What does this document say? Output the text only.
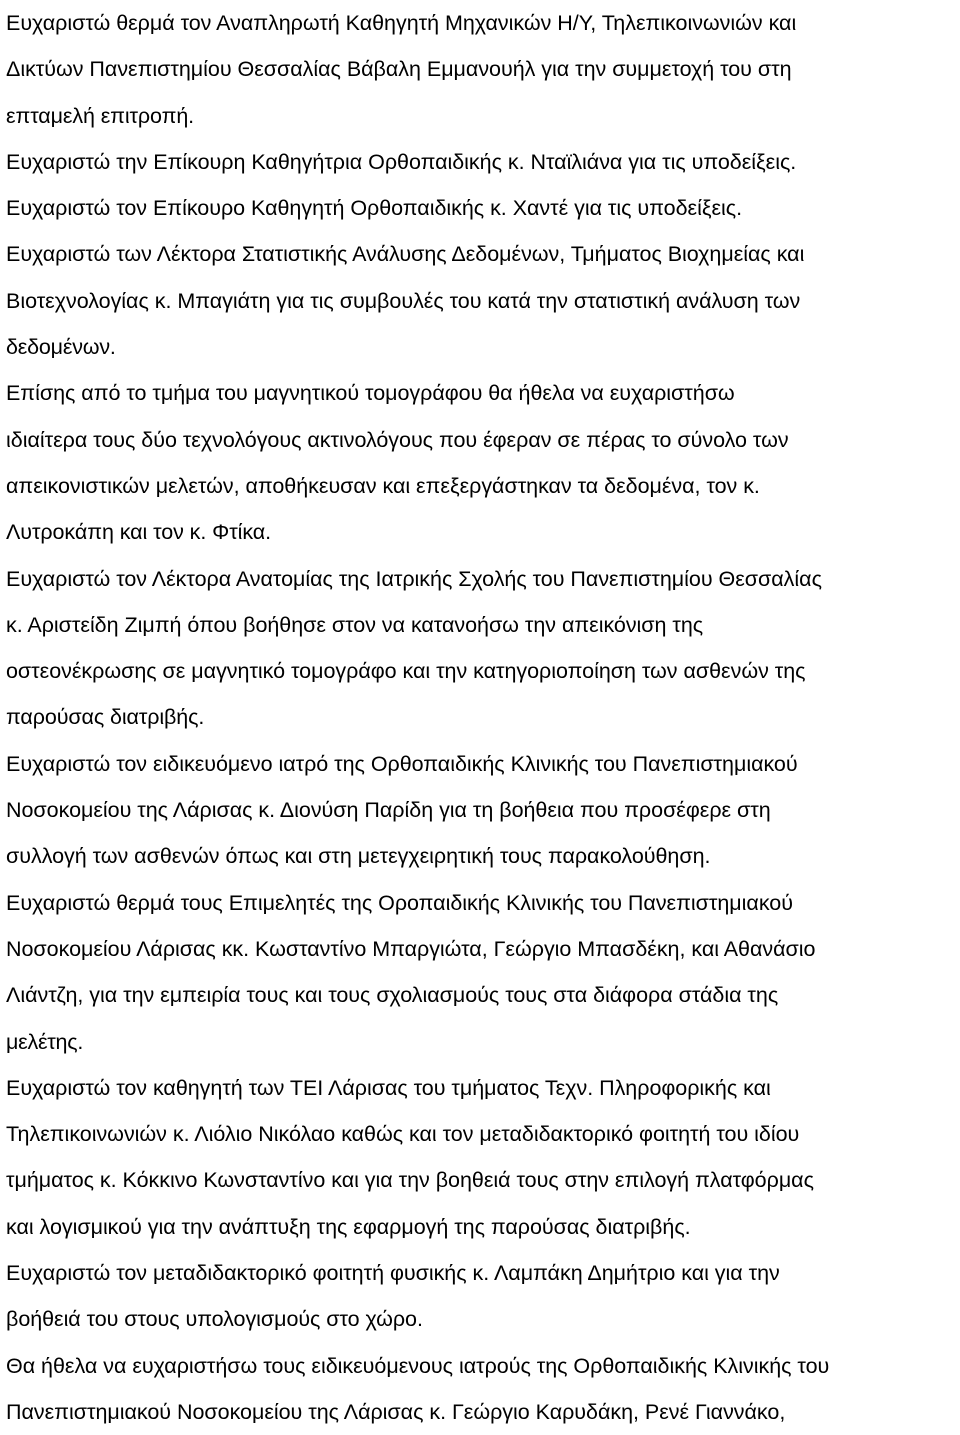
Ευχαριστώ θερμά τον Αναπληρωτή Καθηγητή Μηχανικών Η/Υ, Τηλεπικοινωνιών και
Δικτύων Πανεπιστημίου Θεσσαλίας Βάβαλη Εμμανουήλ για την συμμετοχή του στη
επταμελή επιτροπή.
Ευχαριστώ την Επίκουρη Καθηγήτρια Ορθοπαιδικής κ. Νταϊλιάνα για τις υποδείξεις.
Ευχαριστώ τον Επίκουρο Καθηγητή Ορθοπαιδικής κ. Χαντέ για τις υποδείξεις.
Ευχαριστώ των Λέκτορα Στατιστικής Ανάλυσης Δεδομένων, Τμήματος Βιοχημείας και
Βιοτεχνολογίας κ. Μπαγιάτη για τις συμβουλές του κατά την στατιστική ανάλυση των
δεδομένων.
Επίσης από το τμήμα του μαγνητικού τομογράφου θα ήθελα να ευχαριστήσω
ιδιαίτερα τους δύο τεχνολόγους ακτινολόγους που έφεραν σε πέρας το σύνολο των
απεικονιστικών μελετών, αποθήκευσαν και επεξεργάστηκαν τα δεδομένα, τον κ.
Λυτροκάπη και τον κ. Φτίκα.
Ευχαριστώ τον Λέκτορα Ανατομίας της Ιατρικής Σχολής του Πανεπιστημίου Θεσσαλίας
κ. Αριστείδη Ζιμπή όπου βοήθησε στον να κατανοήσω την απεικόνιση της
οστεονέκρωσης σε μαγνητικό τομογράφο και την κατηγοριοποίηση των ασθενών της
παρούσας διατριβής.
Ευχαριστώ τον ειδικευόμενο ιατρό της Ορθοπαιδικής Κλινικής του Πανεπιστημιακού
Νοσοκομείου της Λάρισας κ. Διονύση Παρίδη για τη βοήθεια που προσέφερε στη
συλλογή των ασθενών όπως και στη μετεγχειρητική τους παρακολούθηση.
Ευχαριστώ θερμά τους Επιμελητές της Οροπαιδικής Κλινικής του Πανεπιστημιακού
Νοσοκομείου Λάρισας κκ. Κωσταντίνο Μπαργιώτα, Γεώργιο Μπασδέκη, και Αθανάσιο
Λιάντζη, για την εμπειρία τους και τους σχολιασμούς τους στα διάφορα στάδια της
μελέτης.
Ευχαριστώ τον καθηγητή των ΤΕΙ Λάρισας του τμήματος Τεχν. Πληροφορικής και
Τηλεπικοινωνιών κ. Λιόλιο Νικόλαο καθώς και τον μεταδιδακτορικό φοιτητή του ιδίου
τμήματος κ. Κόκκινο Κωνσταντίνο και για την βοηθειά τους στην επιλογή πλατφόρμας
και λογισμικού για την ανάπτυξη της εφαρμογή της παρούσας διατριβής.
Ευχαριστώ τον μεταδιδακτορικό φοιτητή φυσικής κ. Λαμπάκη Δημήτριο και για την
βοήθειά του στους υπολογισμούς στο χώρο.
Θα ήθελα να ευχαριστήσω τους ειδικευόμενους ιατρούς της Ορθοπαιδικής Κλινικής του
Πανεπιστημιακού Νοσοκομείου της Λάρισας κ. Γεώργιο Καρυδάκη, Ρενέ Γιαννάκο,
